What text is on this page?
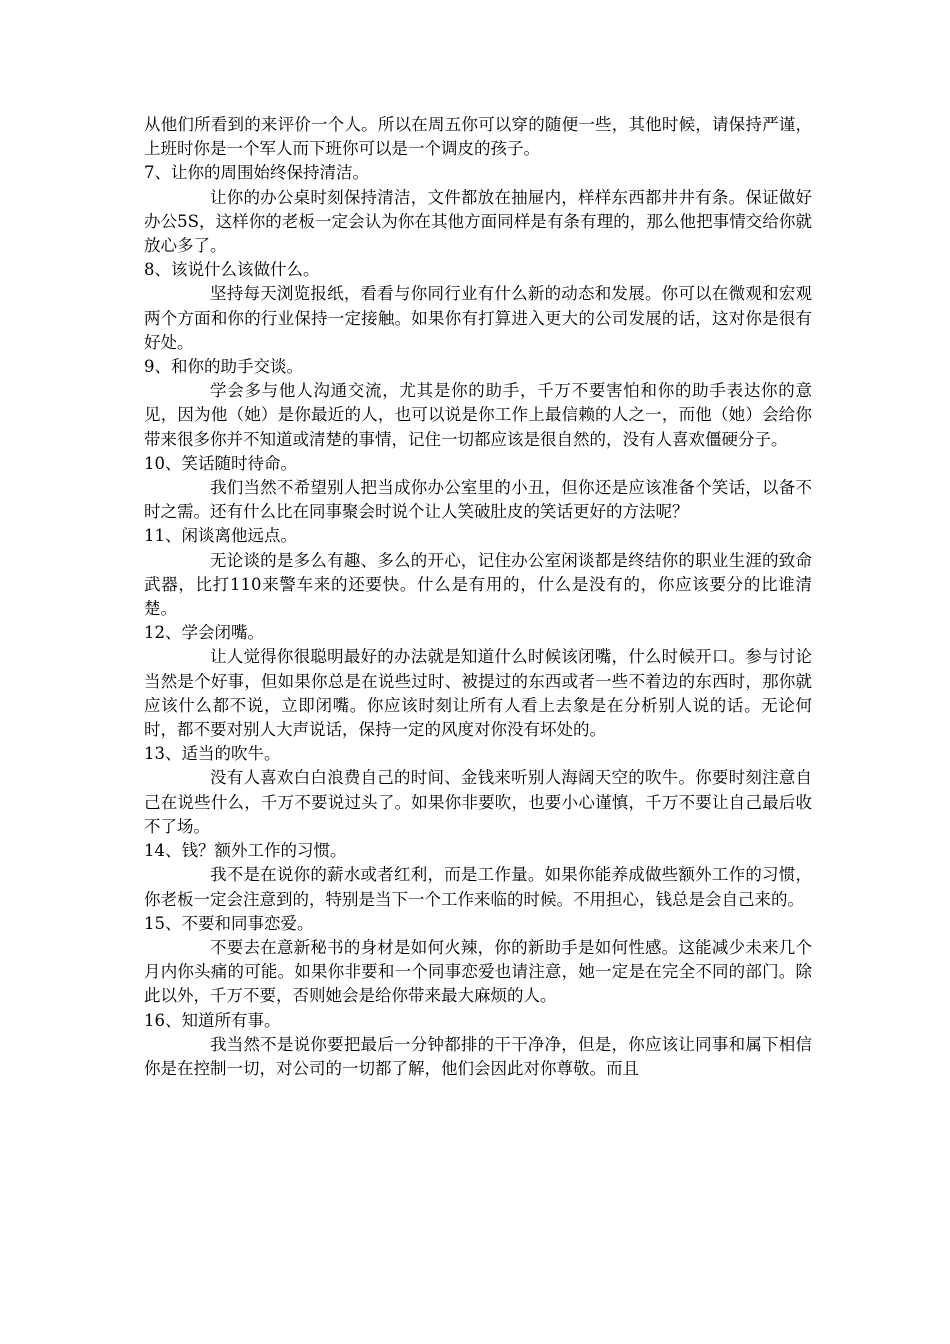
从他们所看到的来评价一个人。所以在周五你可以穿的随便一些，其他时候，请保持严谨，上班时你是一个军人而下班你可以是一个调皮的孩子。

7、让你的周围始终保持清洁。

让你的办公桌时刻保持清洁，文件都放在抽屉内，样样东西都井井有条。保证做好办公5S，这样你的老板一定会认为你在其他方面同样是有条有理的，那么他把事情交给你就放心多了。

8、该说什么该做什么。

坚持每天浏览报纸，看看与你同行业有什么新的动态和发展。你可以在微观和宏观两个方面和你的行业保持一定接触。如果你有打算进入更大的公司发展的话，这对你是很有好处。

9、和你的助手交谈。

学会多与他人沟通交流，尤其是你的助手，千万不要害怕和你的助手表达你的意见，因为他（她）是你最近的人，也可以说是你工作上最信赖的人之一，而他（她）会给你带来很多你并不知道或清楚的事情，记住一切都应该是很自然的，没有人喜欢僵硬分子。

10、笑话随时待命。

我们当然不希望别人把当成你办公室里的小丑，但你还是应该准备个笑话，以备不时之需。还有什么比在同事聚会时说个让人笑破肚皮的笑话更好的方法呢？

11、闲谈离他远点。

无论谈的是多么有趣、多么的开心，记住办公室闲谈都是终结你的职业生涯的致命武器，比打110来警车来的还要快。什么是有用的，什么是没有的，你应该要分的比谁清楚。

12、学会闭嘴。

让人觉得你很聪明最好的办法就是知道什么时候该闭嘴，什么时候开口。参与讨论当然是个好事，但如果你总是在说些过时、被提过的东西或者一些不着边的东西时，那你就应该什么都不说，立即闭嘴。你应该时刻让所有人看上去象是在分析别人说的话。无论何时，都不要对别人大声说话，保持一定的风度对你没有坏处的。

13、适当的吹牛。

没有人喜欢白白浪费自己的时间、金钱来听别人海阔天空的吹牛。你要时刻注意自己在说些什么，千万不要说过头了。如果你非要吹，也要小心谨慎，千万不要让自己最后收不了场。

14、钱？额外工作的习惯。

我不是在说你的薪水或者红利，而是工作量。如果你能养成做些额外工作的习惯，你老板一定会注意到的，特别是当下一个工作来临的时候。不用担心，钱总是会自己来的。

15、不要和同事恋爱。

不要去在意新秘书的身材是如何火辣，你的新助手是如何性感。这能减少未来几个月内你头痛的可能。如果你非要和一个同事恋爱也请注意，她一定是在完全不同的部门。除此以外，千万不要，否则她会是给你带来最大麻烦的人。

16、知道所有事。

我当然不是说你要把最后一分钟都排的干干净净，但是，你应该让同事和属下相信你是在控制一切，对公司的一切都了解，他们会因此对你尊敬。而且
